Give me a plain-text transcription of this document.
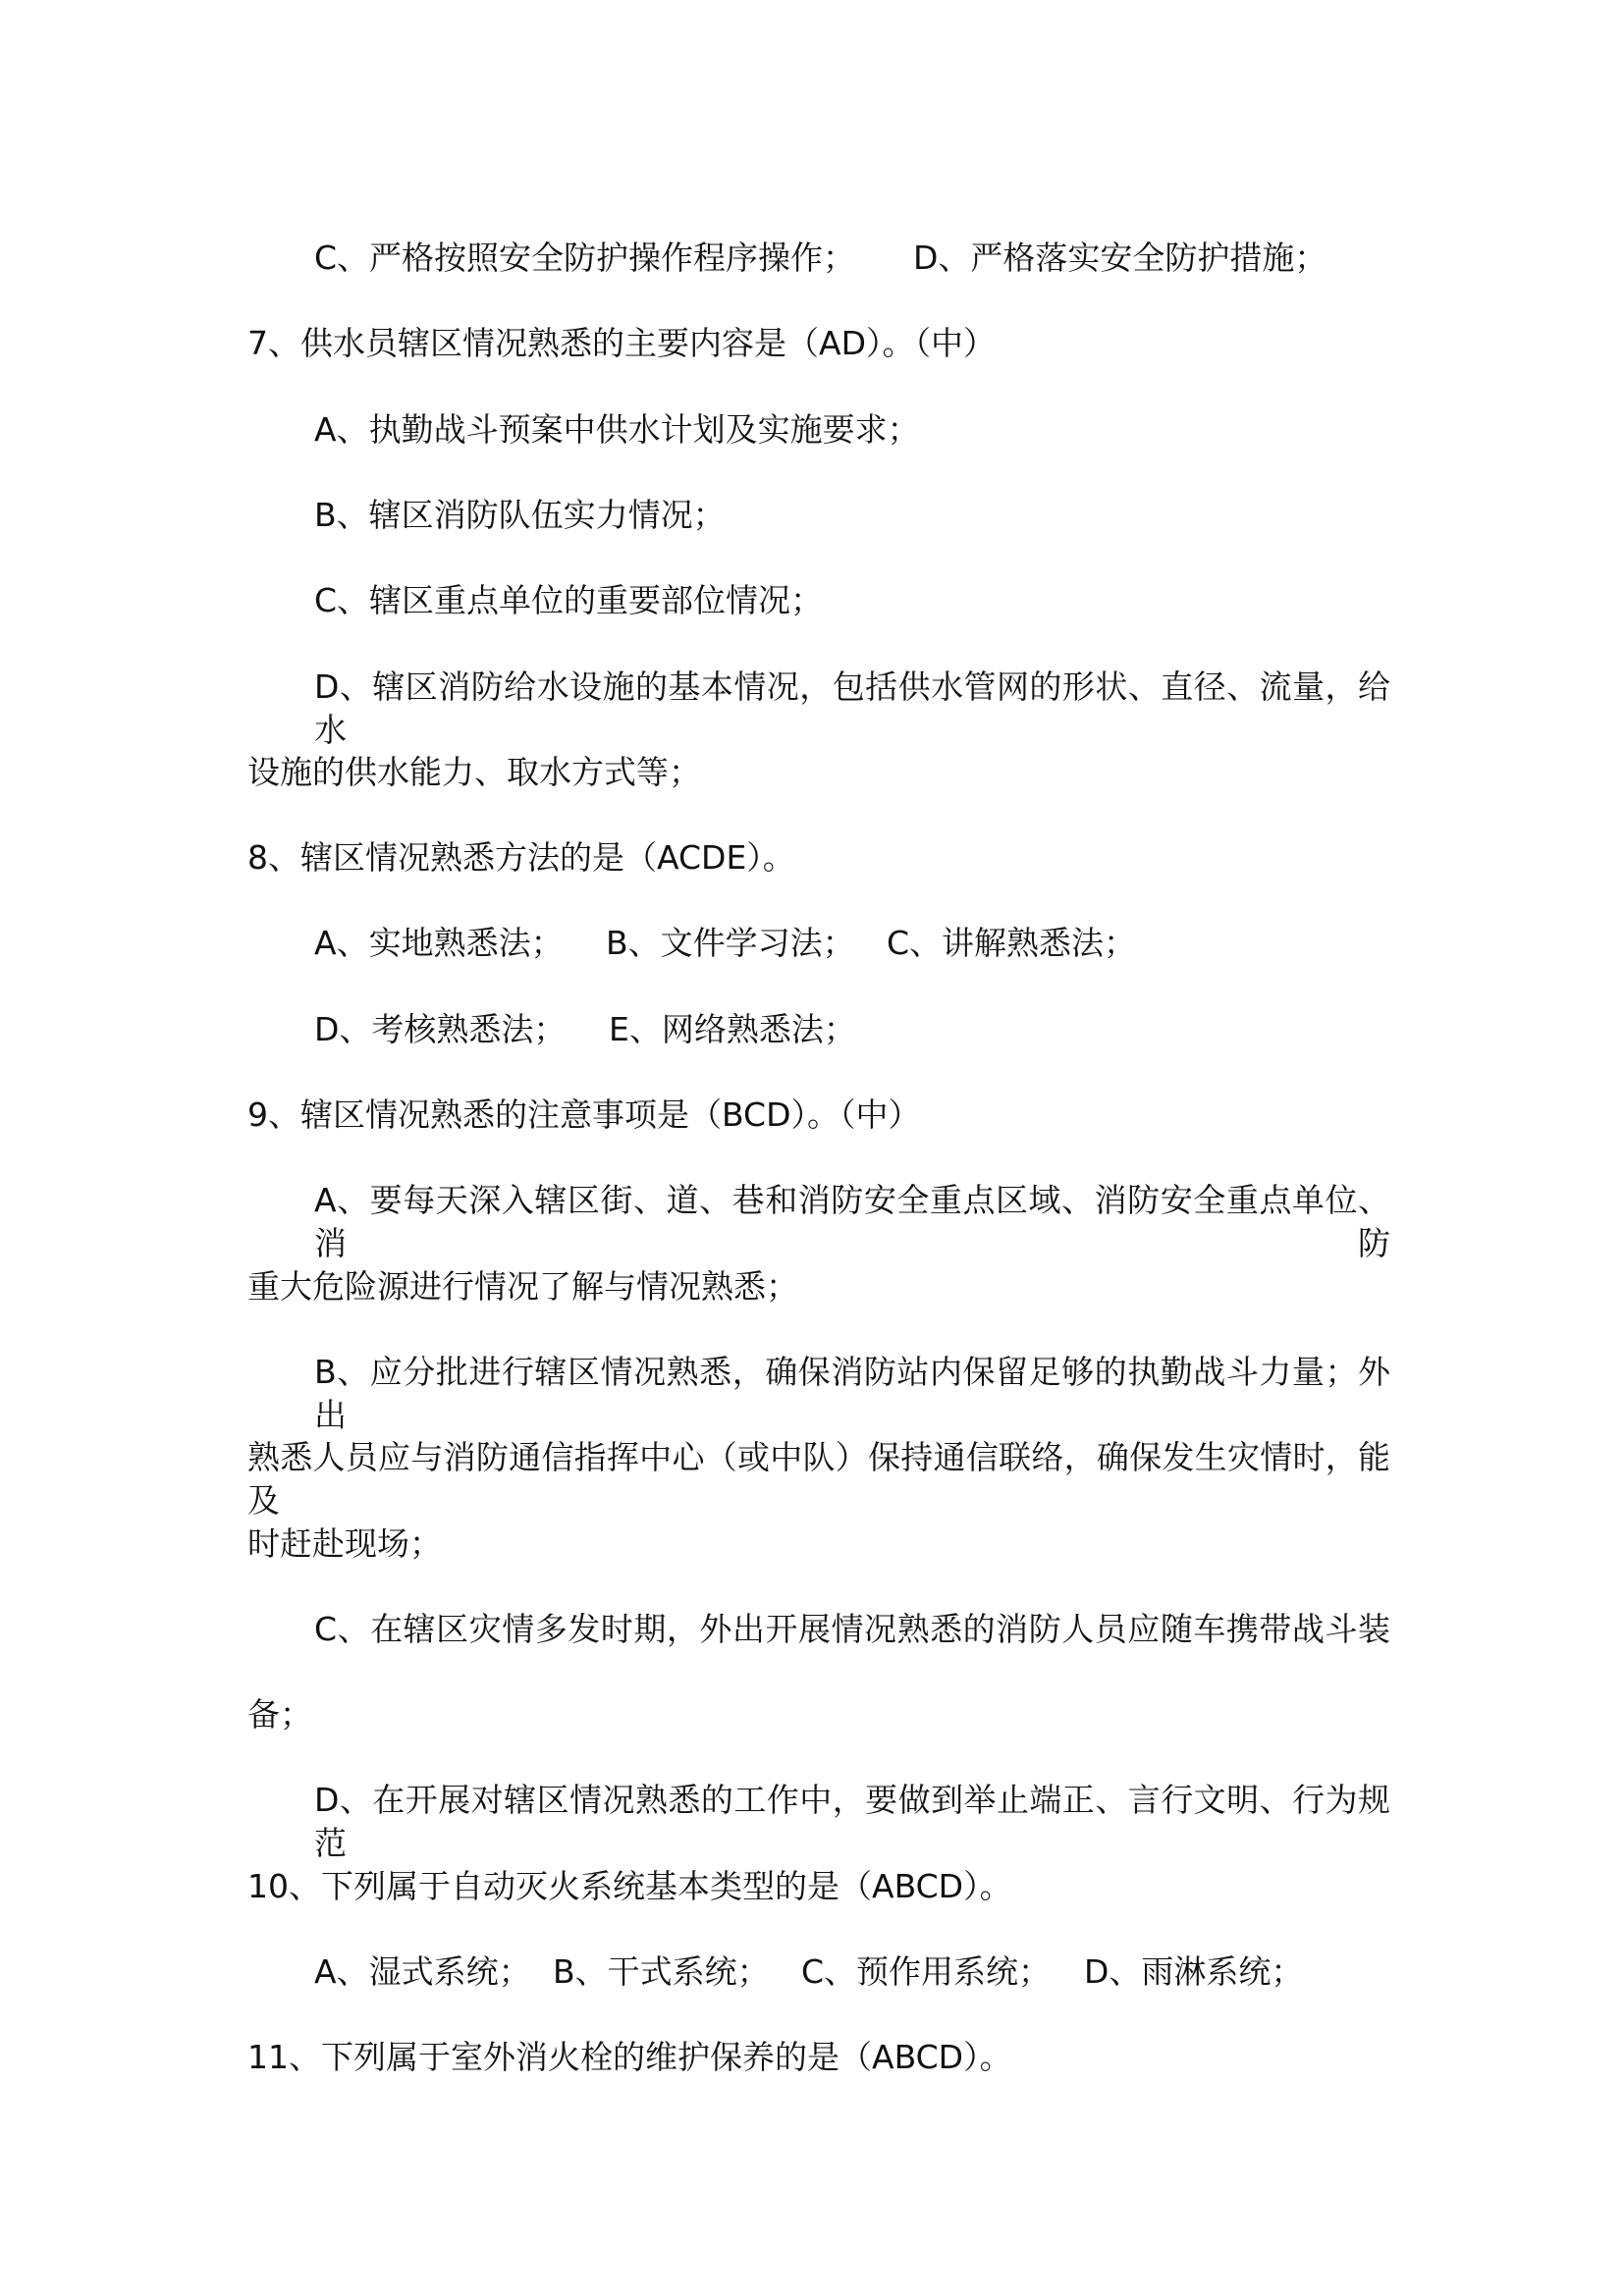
C、严格按照安全防护操作程序操作； D、严格落实安全防护措施；
7、供水员辖区情况熟悉的主要内容是（AD）。（中）
A、执勤战斗预案中供水计划及实施要求；
B、辖区消防队伍实力情况；
C、辖区重点单位的重要部位情况；
D、辖区消防给水设施的基本情况，包括供水管网的形状、直径、流量，给水
设施的供水能力、取水方式等；
8、辖区情况熟悉方法的是（ACDE）。
A、实地熟悉法； B、文件学习法； C、讲解熟悉法；
D、考核熟悉法； E、网络熟悉法；
9、辖区情况熟悉的注意事项是（BCD）。（中）
A、要每天深入辖区街、道、巷和消防安全重点区域、消防安全重点单位、消防
重大危险源进行情况了解与情况熟悉；
B、应分批进行辖区情况熟悉，确保消防站内保留足够的执勤战斗力量；外出
熟悉人员应与消防通信指挥中心（或中队）保持通信联络，确保发生灾情时，能及
时赶赴现场；
C、在辖区灾情多发时期，外出开展情况熟悉的消防人员应随车携带战斗装
备；
D、在开展对辖区情况熟悉的工作中，要做到举止端正、言行文明、行为规范
10、下列属于自动灭火系统基本类型的是（ABCD）。
A、湿式系统； B、干式系统； C、预作用系统； D、雨淋系统；
11、下列属于室外消火栓的维护保养的是（ABCD）。
